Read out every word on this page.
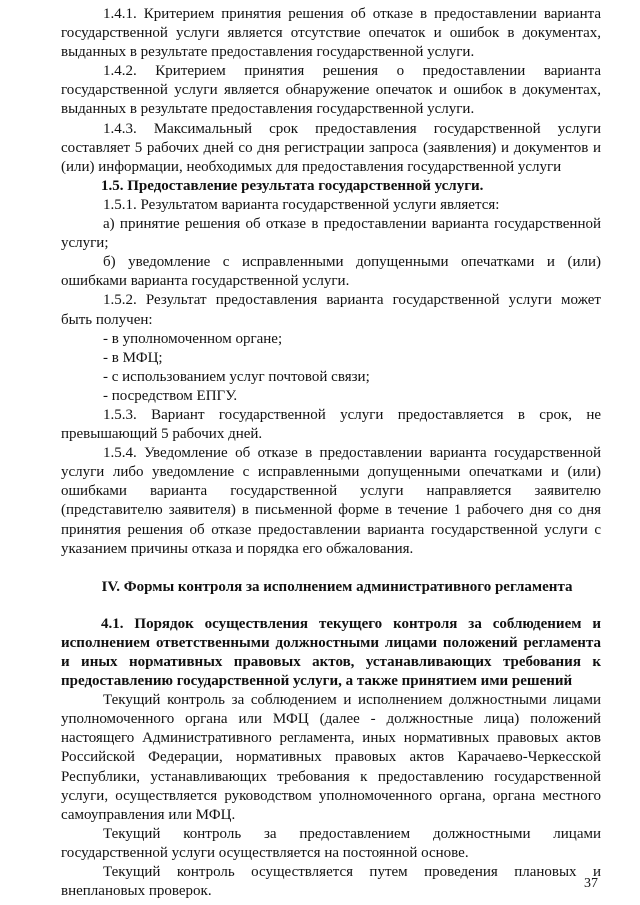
1.4.1. Критерием принятия решения об отказе в предоставлении варианта государственной услуги является отсутствие опечаток и ошибок в документах, выданных в результате предоставления государственной услуги.

1.4.2. Критерием принятия решения о предоставлении варианта государственной услуги является обнаружение опечаток и ошибок в документах, выданных в результате предоставления государственной услуги.

1.4.3. Максимальный срок предоставления государственной услуги составляет 5 рабочих дней со дня регистрации запроса (заявления) и документов и (или) информации, необходимых для предоставления государственной услуги

1.5. Предоставление результата государственной услуги.

1.5.1. Результатом варианта государственной услуги является:

а) принятие решения об отказе в предоставлении варианта государственной услуги;

б) уведомление с исправленными допущенными опечатками и (или) ошибками варианта государственной услуги.

1.5.2. Результат предоставления варианта государственной услуги может быть получен:

- в уполномоченном органе;

- в МФЦ;

- с использованием услуг почтовой связи;

- посредством ЕПГУ.

1.5.3. Вариант государственной услуги предоставляется в срок, не превышающий 5 рабочих дней.

1.5.4. Уведомление об отказе в предоставлении варианта государственной услуги либо уведомление с исправленными допущенными опечатками и (или) ошибками варианта государственной услуги направляется заявителю (представителю заявителя) в письменной форме в течение 1 рабочего дня со дня принятия решения об отказе предоставлении варианта государственной услуги с указанием причины отказа и порядка его обжалования.

IV. Формы контроля за исполнением административного регламента

4.1. Порядок осуществления текущего контроля за соблюдением и исполнением ответственными должностными лицами положений регламента и иных нормативных правовых актов, устанавливающих требования к предоставлению государственной услуги, а также принятием ими решений

Текущий контроль за соблюдением и исполнением должностными лицами уполномоченного органа или МФЦ (далее - должностные лица) положений настоящего Административного регламента, иных нормативных правовых актов Российской Федерации, нормативных правовых актов Карачаево-Черкесской Республики, устанавливающих требования к предоставлению государственной услуги, осуществляется руководством уполномоченного органа, органа местного самоуправления или МФЦ.

Текущий контроль за предоставлением должностными лицами государственной услуги осуществляется на постоянной основе.

Текущий контроль осуществляется путем проведения плановых и внеплановых проверок.	37
